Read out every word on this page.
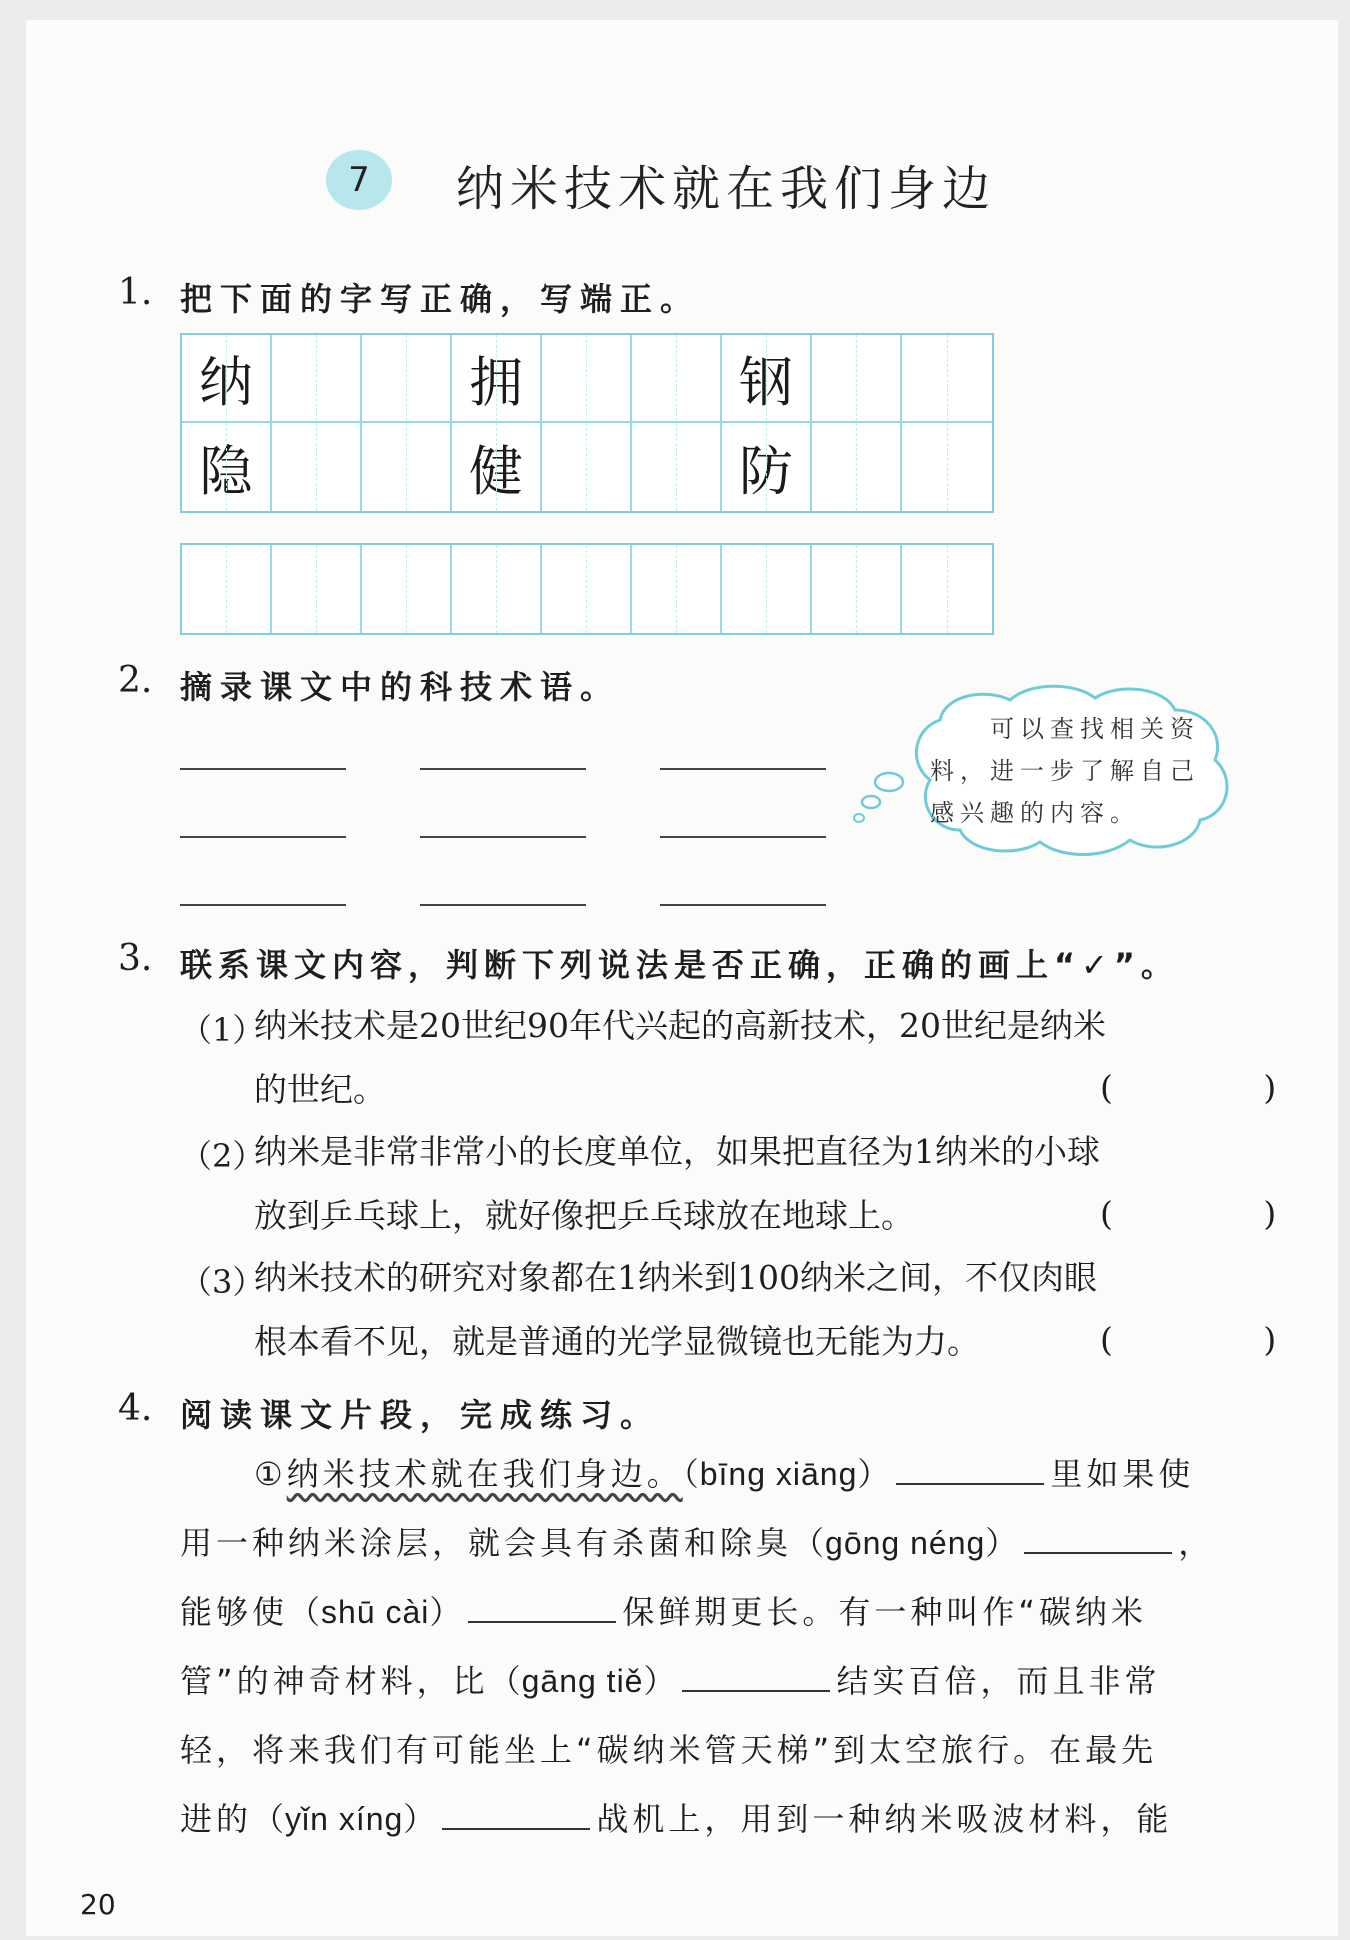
7 纳米技术就在我们身边
1. 把下面的字写正确，写端正。
纳	拥	钢
隐	健	防
2. 摘录课文中的科技术语。
可以查找相关资
料，进一步了解自己
感兴趣的内容。
3. 联系课文内容，判断下列说法是否正确，正确的画上“✓”。
（1）
纳米技术是20世纪90年代兴起的高新技术，20世纪是纳米
的世纪。	( )
（2）
纳米是非常非常小的长度单位，如果把直径为1纳米的小球
放到乒乓球上，就好像把乒乓球放在地球上。	( )
（3）
纳米技术的研究对象都在1纳米到100纳米之间，不仅肉眼
根本看不见，就是普通的光学显微镜也无能为力。	( )
4. 阅读课文片段，完成练习。
①纳米技术就在我们身边。（bīng xiāng）	里如果使
用一种纳米涂层，就会具有杀菌和除臭（gōng néng）	，
能够使（shū cài）	保鲜期更长。有一种叫作“碳纳米
管”的神奇材料，比（gāng tiě）	结实百倍，而且非常
轻，将来我们有可能坐上“碳纳米管天梯”到太空旅行。在最先
进的（yǐn xíng）	战机上，用到一种纳米吸波材料，能
20
